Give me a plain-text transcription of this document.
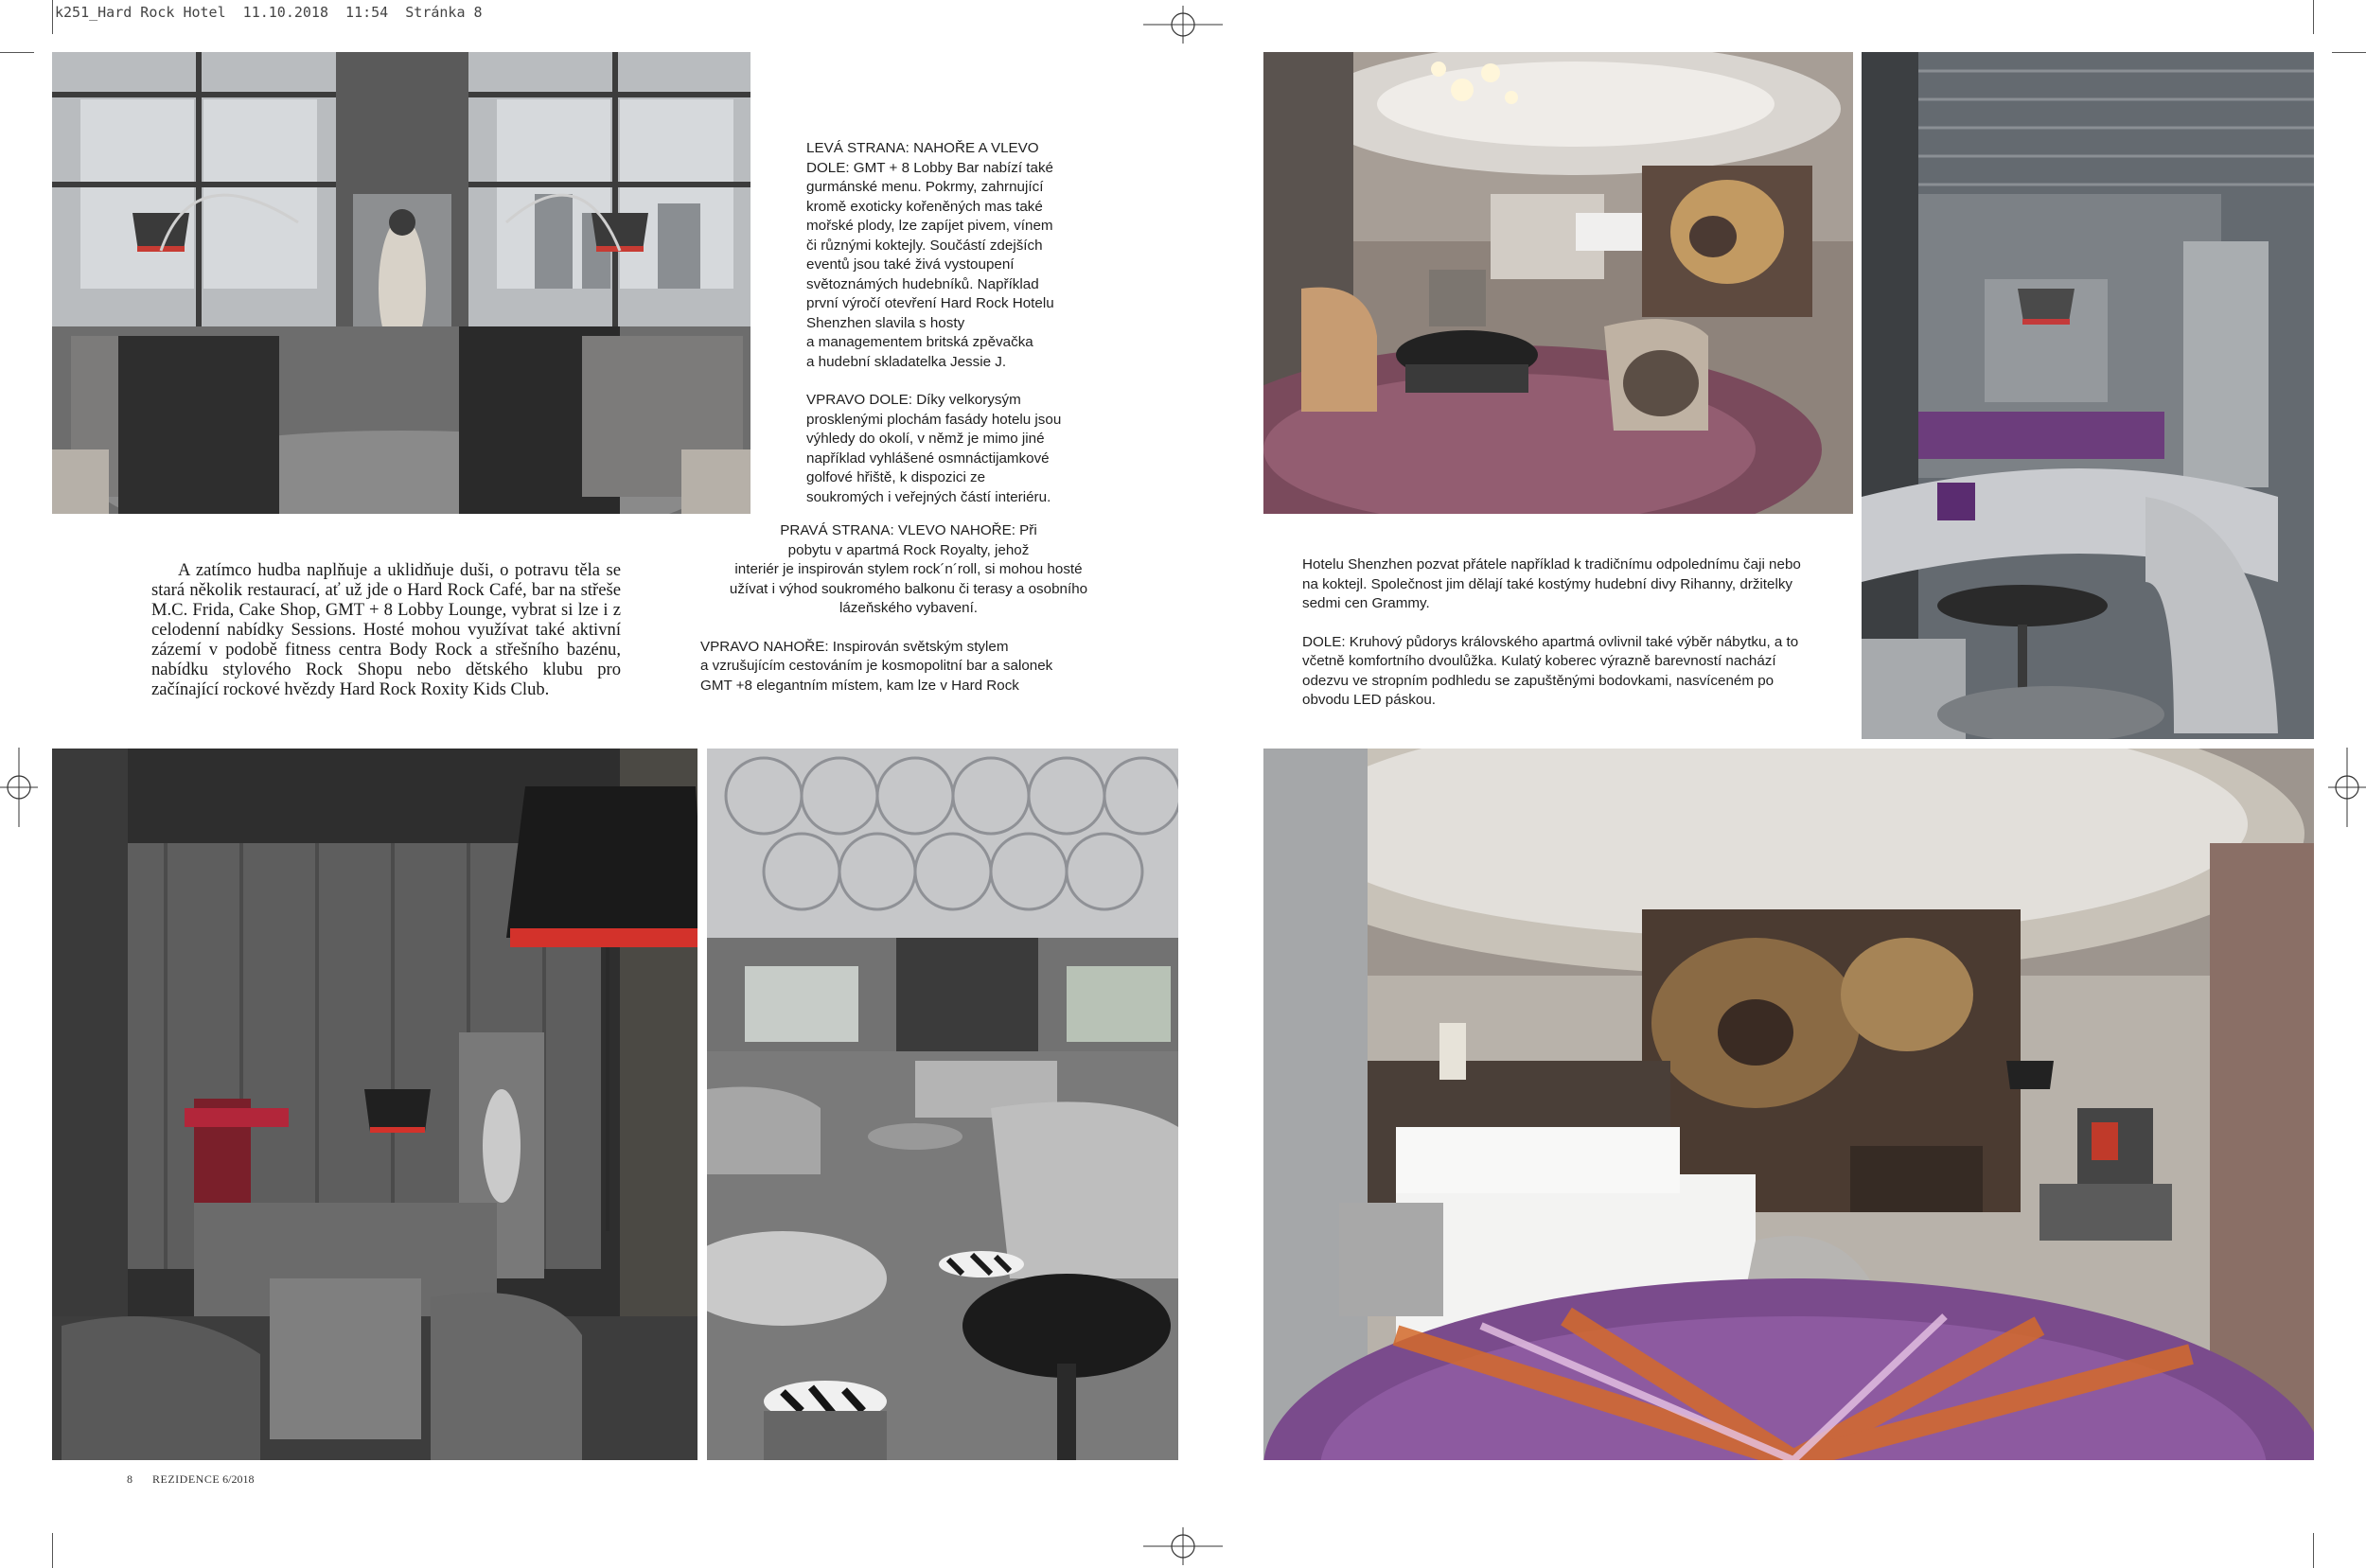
k251_Hard Rock Hotel  11.10.2018  11:54  Stránka 8

LEVÁ STRANA: NAHOŘE A VLEVO
DOLE: GMT + 8 Lobby Bar nabízí také
gurmánské menu. Pokrmy, zahrnující
kromě exoticky kořeněných mas také
mořské plody, lze zapíjet pivem, vínem
či různými koktejly. Součástí zdejších
eventů jsou také živá vystoupení
světoznámých hudebníků. Například
první výročí otevření Hard Rock Hotelu
Shenzhen slavila s hosty
a managementem britská zpěvačka
a hudební skladatelka Jessie J.

VPRAVO DOLE: Díky velkorysým
prosklenými plochám fasády hotelu jsou
výhledy do okolí, v němž je mimo jiné
například vyhlášené osmnáctijamkové
golfové hřiště, k dispozici ze
soukromých i veřejných částí interiéru.

PRAVÁ STRANA: VLEVO NAHOŘE: Při
pobytu v apartmá Rock Royalty, jehož
interiér je inspirován stylem rock´n´roll, si mohou hosté
užívat i výhod soukromého balkonu či terasy a osobního
lázeňského vybavení.

VPRAVO NAHOŘE: Inspirován světským stylem
a vzrušujícím cestováním je kosmopolitní bar a salonek
GMT +8 elegantním místem, kam lze v Hard Rock

A zatímco hudba naplňuje a uklidňuje duši, o potravu těla se stará několik restaurací, ať už jde o Hard Rock Café, bar na střeše M.C. Frida, Cake Shop, GMT + 8 Lobby Lounge, vybrat si lze i z celodenní nabídky Sessions. Hosté mohou využívat také aktivní zázemí v podobě fitness centra Body Rock a střešního bazénu, nabídku stylového Rock Shopu nebo dětského klubu pro začínající rockové hvězdy Hard Rock Roxity Kids Club.

Hotelu Shenzhen pozvat přátele například k tradičnímu odpolednímu čaji nebo
na koktejl. Společnost jim dělají také kostýmy hudební divy Rihanny, držitelky
sedmi cen Grammy.

DOLE: Kruhový půdorys královského apartmá ovlivnil také výběr nábytku, a to
včetně komfortního dvoulůžka. Kulatý koberec výrazně barevností nachází
odezvu ve stropním podhledu se zapuštěnými bodovkami, nasvíceném po
obvodu LED páskou.

8 REZIDENCE 6/2018
